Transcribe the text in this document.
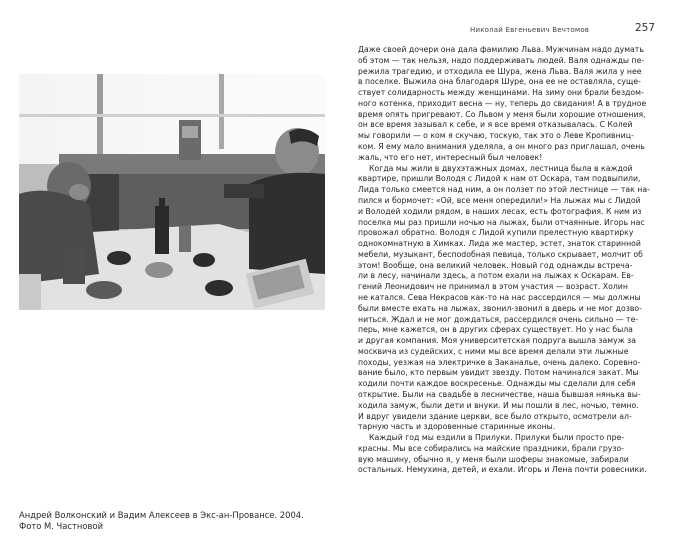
Николай Евгеньевич Вечтомов	257
Даже своей дочери она дала фамилию Льва. Мужчинам надо думать
об этом — так нельзя, надо поддерживать людей. Валя однажды пе-
режила трагедию, и отходила ее Шура, жена Льва. Валя жила у нее
в поселке. Выжила она благодаря Шуре, она ее не оставляла, суще-
ствует солидарность между женщинами. На зиму они брали бездом-
ного котенка, приходит весна — ну, теперь до свидания! А в трудное
время опять пригревают. Со Львом у меня были хорошие отношения,
он все время зазывал к себе, и я все время отказывалась. С Колей
мы говорили — о ком я скучаю, тоскую, так это о Леве Кропивниц-
ком. Я ему мало внимания уделяла, а он много раз приглашал, очень
жаль, что его нет, интересный был человек!
Когда мы жили в двухэтажных домах, лестница была в каждой
квартире, пришли Володя с Лидой к нам от Оскара, там подвыпили,
Лида только смеется над ним, а он ползет по этой лестнице — так на-
пился и бормочет: «Ой, все меня опередили!» На лыжах мы с Лидой
и Володей ходили рядом, в наших лесах, есть фотография. К ним из
поселка мы раз пришли ночью на лыжах, были отчаянные. Игорь нас
провожал обратно. Володя с Лидой купили прелестную квартирку
однокомнатную в Химках. Лида же мастер, эстет, знаток старинной
мебели, музыкант, беспodобная певица, только скрывает, молчит об
этом! Вообще, она великий человек. Новый год однажды встреча-
ли в лесу, начинали здесь, а потом ехали на лыжах к Оскарам. Ев-
гений Леонидович не принимал в этом участия — возраст. Холин
не катался. Сева Некрасов как-то на нас рассердился — мы должны
были вместе ехать на лыжах, звонил-звонил в дверь и не мог дозво-
ниться. Ждал и не мог дождаться, рассердился очень сильно — те-
перь, мне кажется, он в других сферах существует. Но у нас была
и другая компания. Моя университетская подруга вышла замуж за
москвича из судейских, с ними мы все время делали эти лыжные
походы, уезжая на электричке в Заканалье, очень далеко. Соревно-
вание было, кто первым увидит звезду. Потом начинался закат. Мы
ходили почти каждое воскресенье. Однажды мы сделали для себя
открытие. Были на свадьбе в лесничестве, наша бывшая нянька вы-
ходила замуж, были дети и внуки. И мы пошли в лес, ночью, темно.
И вдруг увидели здание церкви, все было открыто, осмотрели ал-
тарную часть и здоровенные старинные иконы.
Каждый год мы ездили в Прилуки. Прилуки были просто пре-
красны. Мы все собирались на майские праздники, брали грузо-
вую машину, обычно я, у меня были шоферы знакомые, забирали
остальных. Немухина, детей, и ехали. Игорь и Лена почти ровесники.
Андрей Волконский и Вадим Алексеев в Экс-ан-Провансе. 2004.
Фото М. Частновой
